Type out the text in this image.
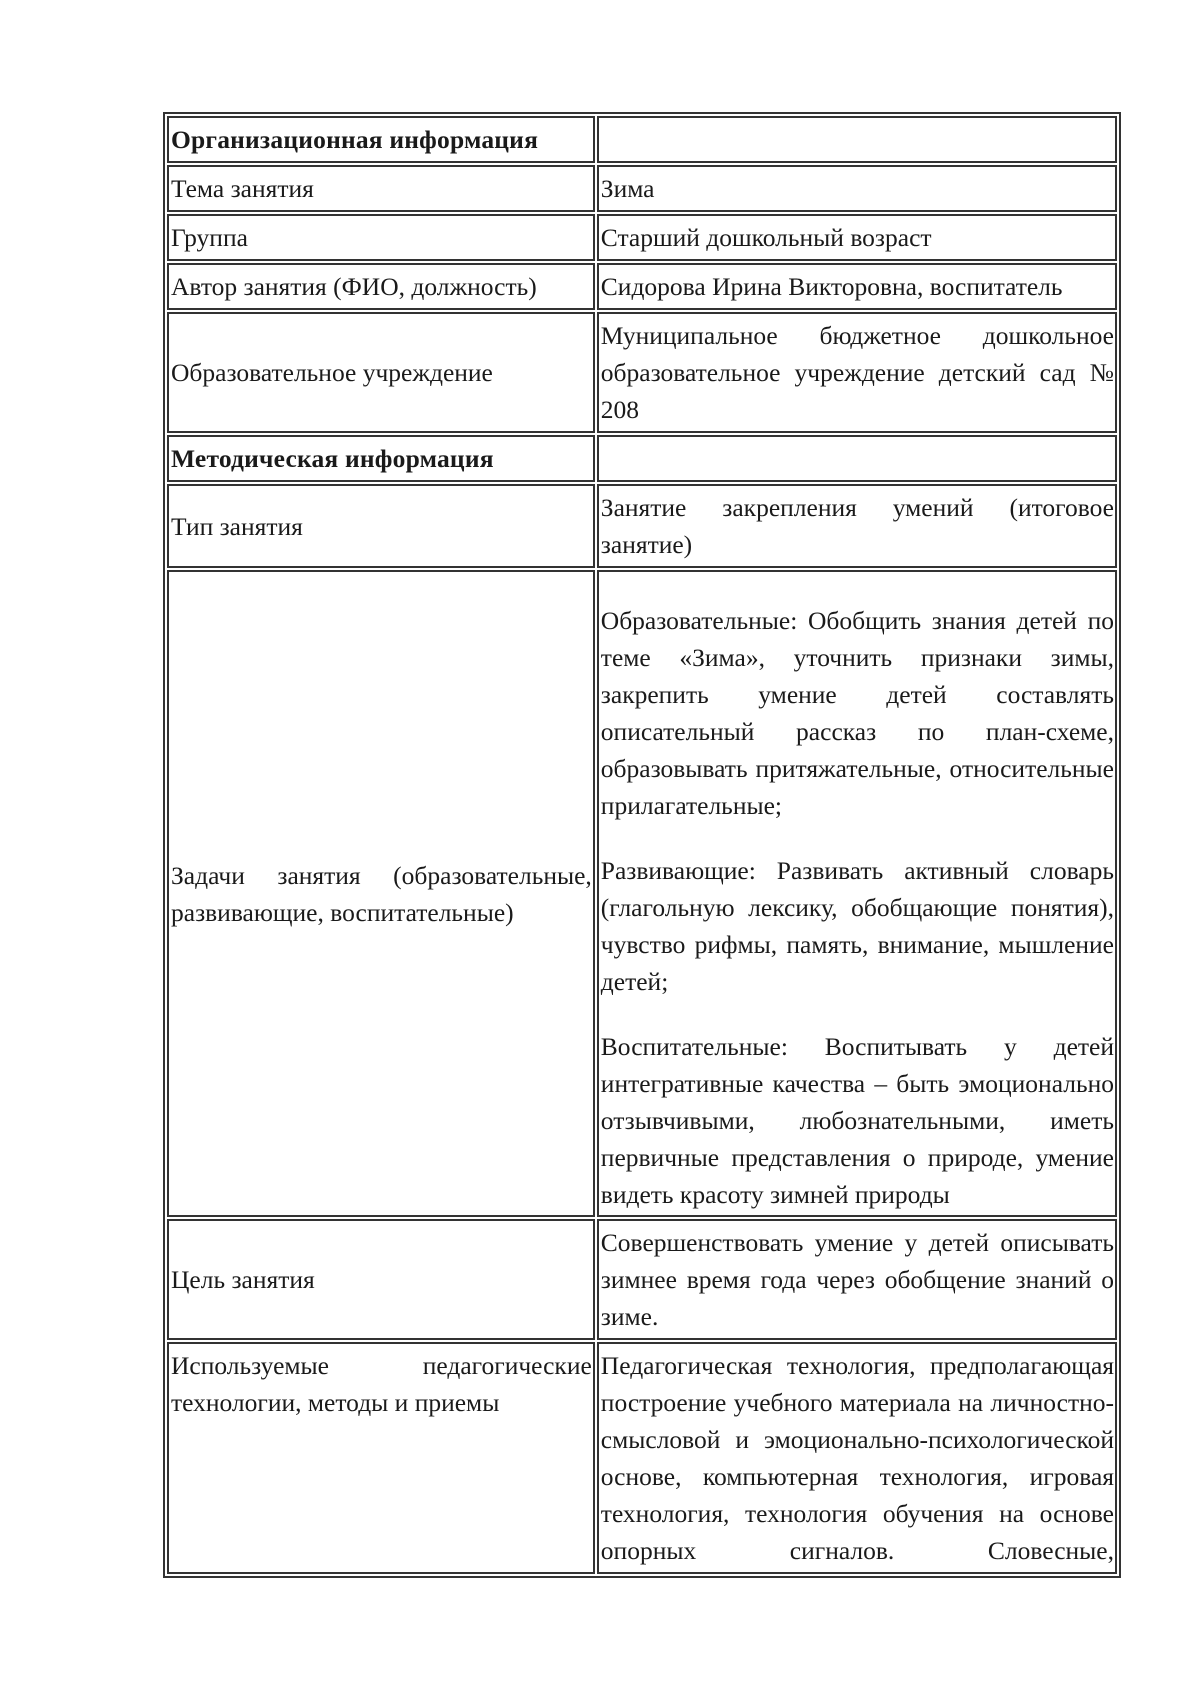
Организационная информация	
Тема занятия	Зима
Группа	Старший дошкольный возраст
Автор занятия (ФИО, должность)	Сидорова Ирина Викторовна, воспитатель
Образовательное учреждение	Муниципальное бюджетное дошкольное образовательное учреждение детский сад № 208
Методическая информация	
Тип занятия	Занятие закрепления умений (итоговое занятие)
Задачи занятия (образовательные, развивающие, воспитательные)	Образовательные: Обобщить знания детей по теме «Зима», уточнить признаки зимы, закрепить умение детей составлять описательный рассказ по план-схеме, образовывать притяжательные, относительные прилагательные;

Развивающие: Развивать активный словарь (глагольную лексику, обобщающие понятия), чувство рифмы, память, внимание, мышление детей;

Воспитательные: Воспитывать у детей интегративные качества – быть эмоционально отзывчивыми, любознательными, иметь первичные представления о природе, умение видеть красоту зимней природы

Цель занятия	Совершенствовать умение у детей описывать зимнее время года через обобщение знаний о зиме.
Используемые педагогические технологии, методы и приемы	Педагогическая технология, предполагающая построение учебного материала на личностно-смысловой и эмоционально-психологической основе, компьютерная технология, игровая технология, технология обучения на основе опорных сигналов. Словесные,
